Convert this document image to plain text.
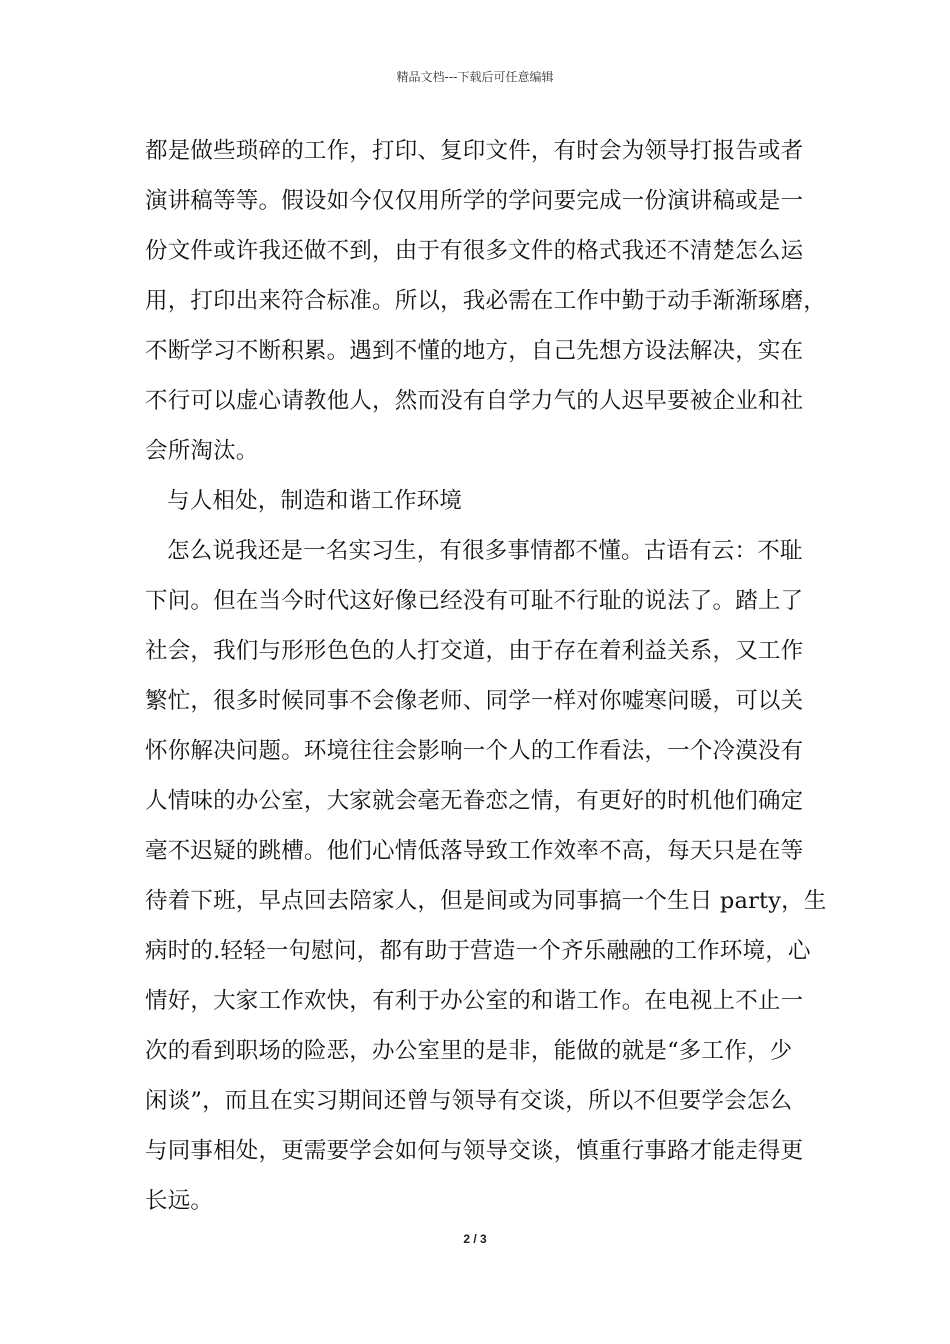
精品文档---下载后可任意编辑
都是做些琐碎的工作，打印、复印文件，有时会为领导打报告或者
演讲稿等等。假设如今仅仅用所学的学问要完成一份演讲稿或是一
份文件或许我还做不到，由于有很多文件的格式我还不清楚怎么运
用，打印出来符合标准。所以，我必需在工作中勤于动手渐渐琢磨，
不断学习不断积累。遇到不懂的地方，自己先想方设法解决，实在
不行可以虚心请教他人，然而没有自学力气的人迟早要被企业和社
会所淘汰。
与人相处，制造和谐工作环境
怎么说我还是一名实习生，有很多事情都不懂。古语有云：不耻
下问。但在当今时代这好像已经没有可耻不行耻的说法了。踏上了
社会，我们与形形色色的人打交道，由于存在着利益关系，又工作
繁忙，很多时候同事不会像老师、同学一样对你嘘寒问暖，可以关
怀你解决问题。环境往往会影响一个人的工作看法，一个冷漠没有
人情味的办公室，大家就会毫无眷恋之情，有更好的时机他们确定
毫不迟疑的跳槽。他们心情低落导致工作效率不高，每天只是在等
待着下班，早点回去陪家人，但是间或为同事搞一个生日 party，生
病时的.轻轻一句慰问，都有助于营造一个齐乐融融的工作环境，心
情好，大家工作欢快，有利于办公室的和谐工作。在电视上不止一
次的看到职场的险恶，办公室里的是非，能做的就是“多工作，少
闲谈”，而且在实习期间还曾与领导有交谈，所以不但要学会怎么
与同事相处，更需要学会如何与领导交谈，慎重行事路才能走得更
长远。
2 / 3
